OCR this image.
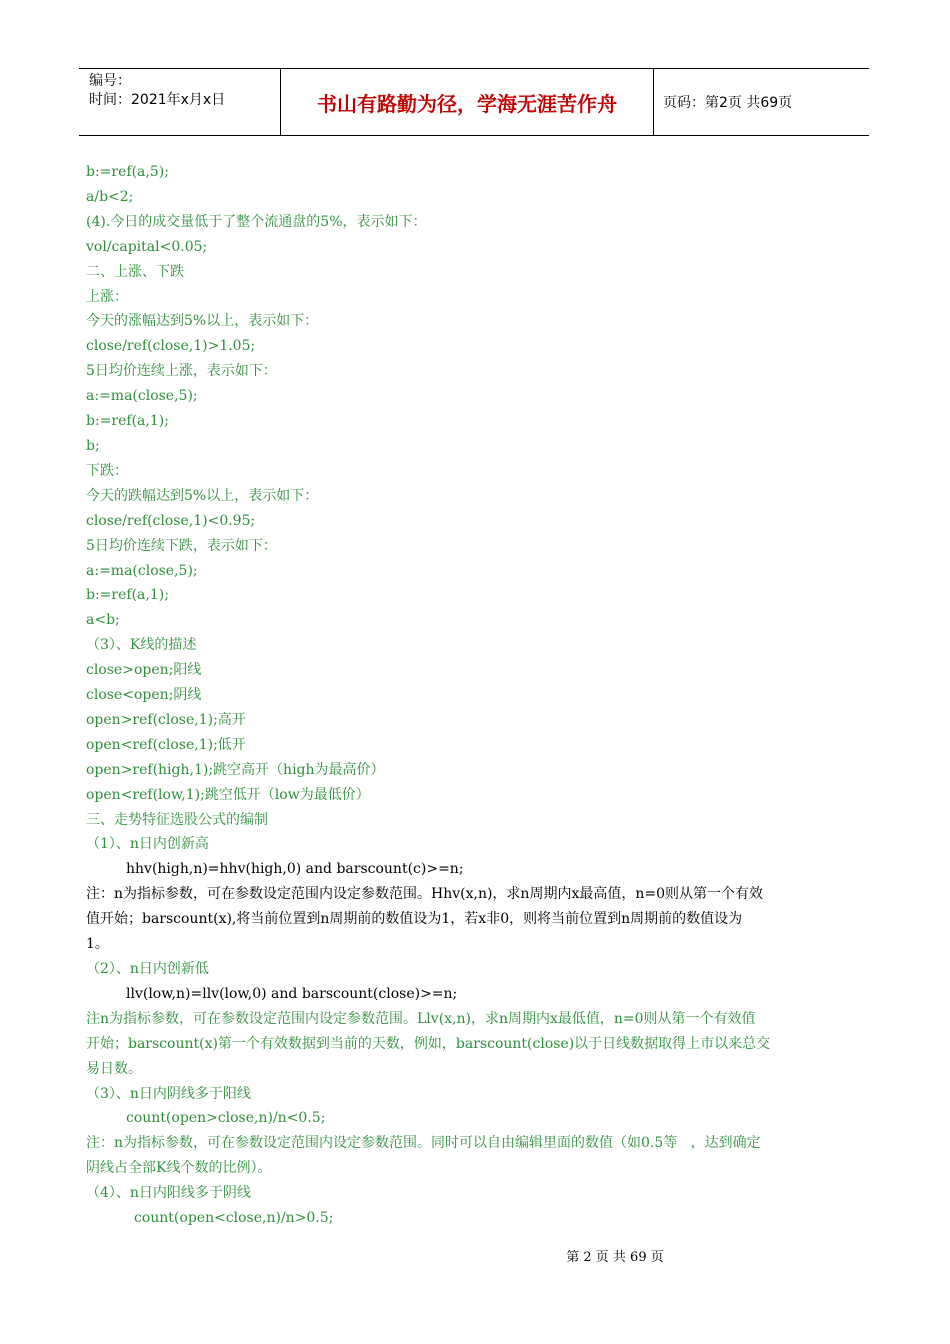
编号：
时间：2021年x月x日	书山有路勤为径，学海无涯苦作舟	页码：第2页 共69页
b:=ref(a,5);
a/b<2;
(4).今日的成交量低于了整个流通盘的5%，表示如下：
vol/capital<0.05;
二、上涨、下跌
上涨：
今天的涨幅达到5%以上，表示如下：
close/ref(close,1)>1.05;
5日均价连续上涨，表示如下：
a:=ma(close,5);
b:=ref(a,1);
b;
下跌：
今天的跌幅达到5%以上，表示如下：
close/ref(close,1)<0.95;
5日均价连续下跌，表示如下：
a:=ma(close,5);
b:=ref(a,1);
a<b;
（3）、K线的描述
close>open;阳线
close<open;阴线
open>ref(close,1);高开
open<ref(close,1);低开
open>ref(high,1);跳空高开（high为最高价）
open<ref(low,1);跳空低开（low为最低价）
三、走势特征选股公式的编制
（1）、n日内创新高
hhv(high,n)=hhv(high,0) and barscount(c)>=n;
注：n为指标参数，可在参数设定范围内设定参数范围。Hhv(x,n)，求n周期内x最高值，n=0则从第一个有效
值开始；barscount(x),将当前位置到n周期前的数值设为1，若x非0，则将当前位置到n周期前的数值设为
1。
（2）、n日内创新低
llv(low,n)=llv(low,0) and barscount(close)>=n;
注n为指标参数，可在参数设定范围内设定参数范围。Llv(x,n)，求n周期内x最低值，n=0则从第一个有效值
开始；barscount(x)第一个有效数据到当前的天数，例如，barscount(close)以于日线数据取得上市以来总交
易日数。
（3）、n日内阴线多于阳线
count(open>close,n)/n<0.5;
注：n为指标参数，可在参数设定范围内设定参数范围。同时可以自由编辑里面的数值（如0.5等   ，达到确定
阴线占全部K线个数的比例）。
（4）、n日内阳线多于阴线
count(open<close,n)/n>0.5;
第 2 页 共 69 页
